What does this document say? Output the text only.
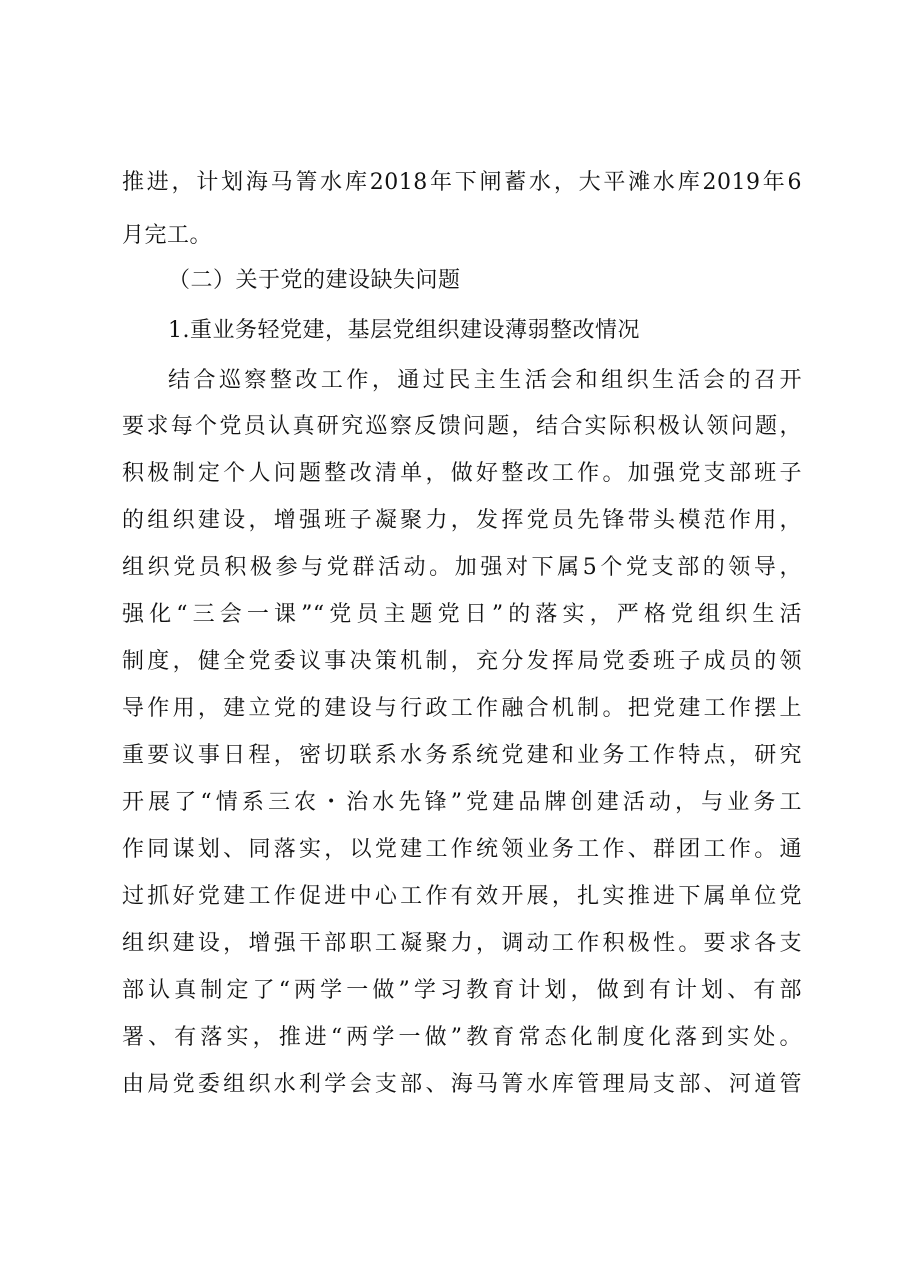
推进，计划海马箐水库2018年下闸蓄水，大平滩水库2019年6
月完工。
（二）关于党的建设缺失问题
1.重业务轻党建，基层党组织建设薄弱整改情况
结合巡察整改工作，通过民主生活会和组织生活会的召开
要求每个党员认真研究巡察反馈问题，结合实际积极认领问题，
积极制定个人问题整改清单，做好整改工作。加强党支部班子
的组织建设，增强班子凝聚力，发挥党员先锋带头模范作用，
组织党员积极参与党群活动。加强对下属5个党支部的领导，
强化“三会一课”“党员主题党日”的落实，严格党组织生活
制度，健全党委议事决策机制，充分发挥局党委班子成员的领
导作用，建立党的建设与行政工作融合机制。把党建工作摆上
重要议事日程，密切联系水务系统党建和业务工作特点，研究
开展了“情系三农・治水先锋”党建品牌创建活动，与业务工
作同谋划、同落实，以党建工作统领业务工作、群团工作。通
过抓好党建工作促进中心工作有效开展，扎实推进下属单位党
组织建设，增强干部职工凝聚力，调动工作积极性。要求各支
部认真制定了“两学一做”学习教育计划，做到有计划、有部
署、有落实，推进“两学一做”教育常态化制度化落到实处。
由局党委组织水利学会支部、海马箐水库管理局支部、河道管
